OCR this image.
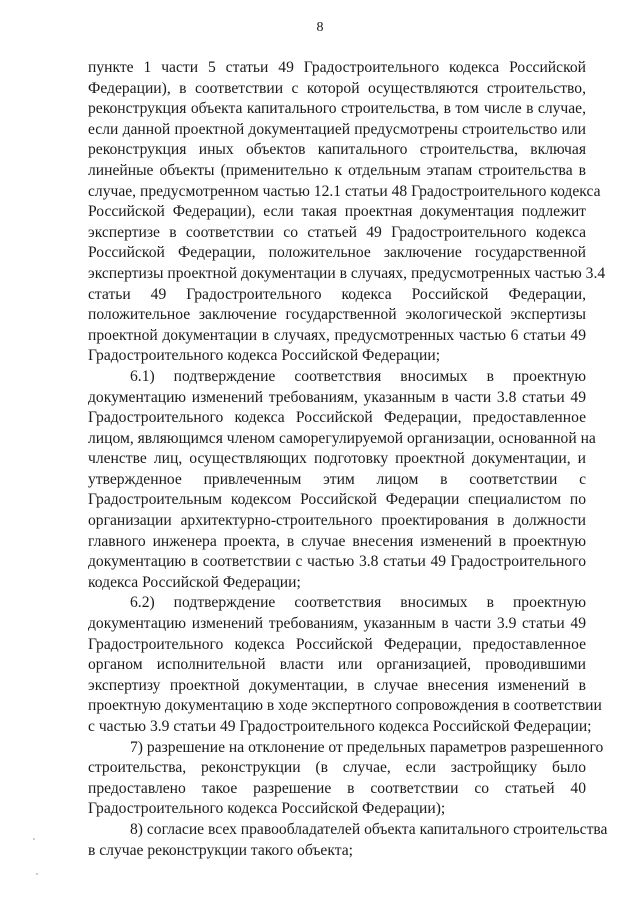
8
пункте 1 части 5 статьи 49 Градостроительного кодекса Российской
Федерации), в соответствии с которой осуществляются строительство,
реконструкция объекта капитального строительства, в том числе в случае,
если данной проектной документацией предусмотрены строительство или
реконструкция иных объектов капитального строительства, включая
линейные объекты (применительно к отдельным этапам строительства в
случае, предусмотренном частью 12.1 статьи 48 Градостроительного кодекса
Российской Федерации), если такая проектная документация подлежит
экспертизе в соответствии со статьей 49 Градостроительного кодекса
Российской Федерации, положительное заключение государственной
экспертизы проектной документации в случаях, предусмотренных частью 3.4
статьи 49 Градостроительного кодекса Российской Федерации,
положительное заключение государственной экологической экспертизы
проектной документации в случаях, предусмотренных частью 6 статьи 49
Градостроительного кодекса Российской Федерации;
6.1) подтверждение соответствия вносимых в проектную
документацию изменений требованиям, указанным в части 3.8 статьи 49
Градостроительного кодекса Российской Федерации, предоставленное
лицом, являющимся членом саморегулируемой организации, основанной на
членстве лиц, осуществляющих подготовку проектной документации, и
утвержденное привлеченным этим лицом в соответствии с
Градостроительным кодексом Российской Федерации специалистом по
организации архитектурно-строительного проектирования в должности
главного инженера проекта, в случае внесения изменений в проектную
документацию в соответствии с частью 3.8 статьи 49 Градостроительного
кодекса Российской Федерации;
6.2) подтверждение соответствия вносимых в проектную
документацию изменений требованиям, указанным в части 3.9 статьи 49
Градостроительного кодекса Российской Федерации, предоставленное
органом исполнительной власти или организацией, проводившими
экспертизу проектной документации, в случае внесения изменений в
проектную документацию в ходе экспертного сопровождения в соответствии
с частью 3.9 статьи 49 Градостроительного кодекса Российской Федерации;
7) разрешение на отклонение от предельных параметров разрешенного
строительства, реконструкции (в случае, если застройщику было
предоставлено такое разрешение в соответствии со статьей 40
Градостроительного кодекса Российской Федерации);
8) согласие всех правообладателей объекта капитального строительства
в случае реконструкции такого объекта;
